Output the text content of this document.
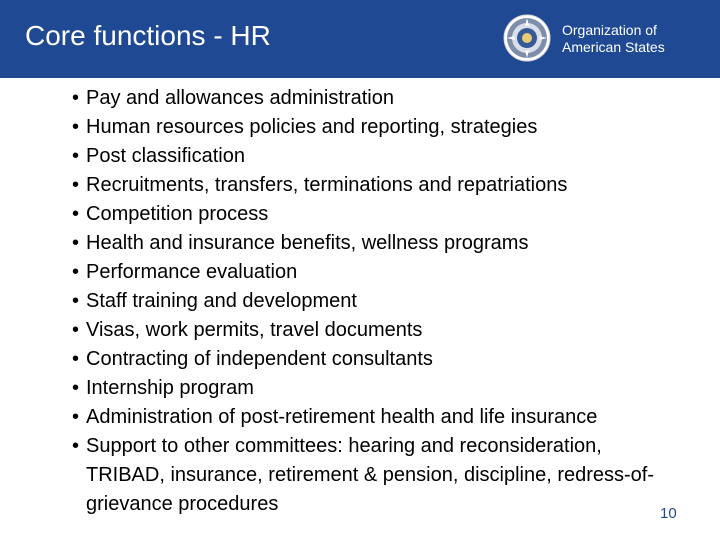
Core functions - HR	Organization of
American States
• Pay and allowances administration
• Human resources policies and reporting, strategies
• Post classification
• Recruitments, transfers, terminations and repatriations
• Competition process
• Health and insurance benefits, wellness programs
• Performance evaluation
• Staff training and development
• Visas, work permits, travel documents
• Contracting of independent consultants
• Internship program
• Administration of post-retirement health and life insurance
• Support to other committees: hearing and reconsideration, TRIBAD, insurance, retirement & pension, discipline, redress-of-grievance procedures	10
